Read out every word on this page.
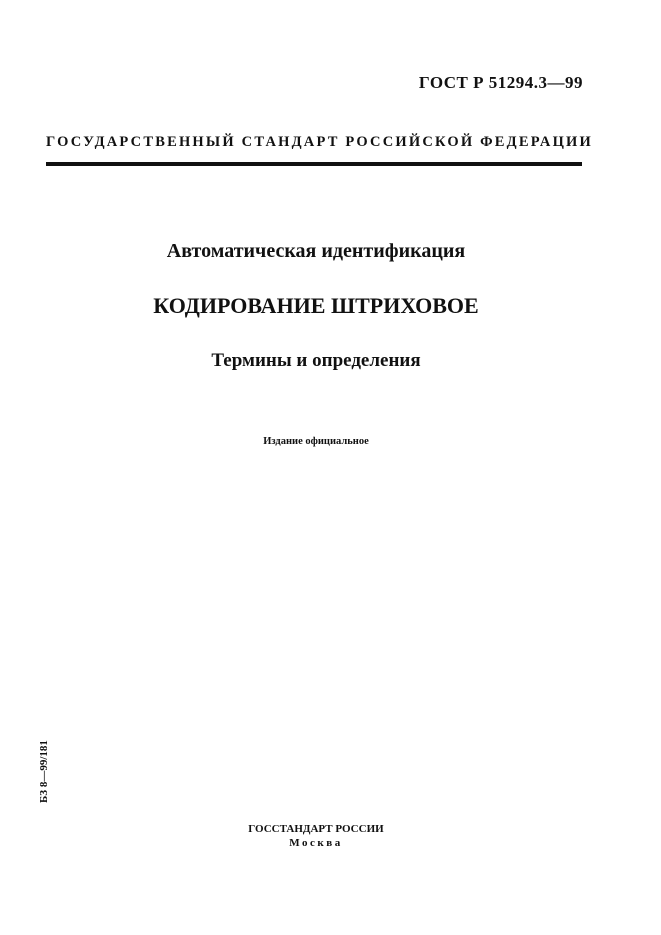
ГОСТ Р 51294.3—99
ГОСУДАРСТВЕННЫЙ СТАНДАРТ РОССИЙСКОЙ ФЕДЕРАЦИИ
Автоматическая идентификация
КОДИРОВАНИЕ ШТРИХОВОЕ
Термины и определения
Издание официальное
БЗ 8—99/181
ГОССТАНДАРТ РОССИИ
Москва
